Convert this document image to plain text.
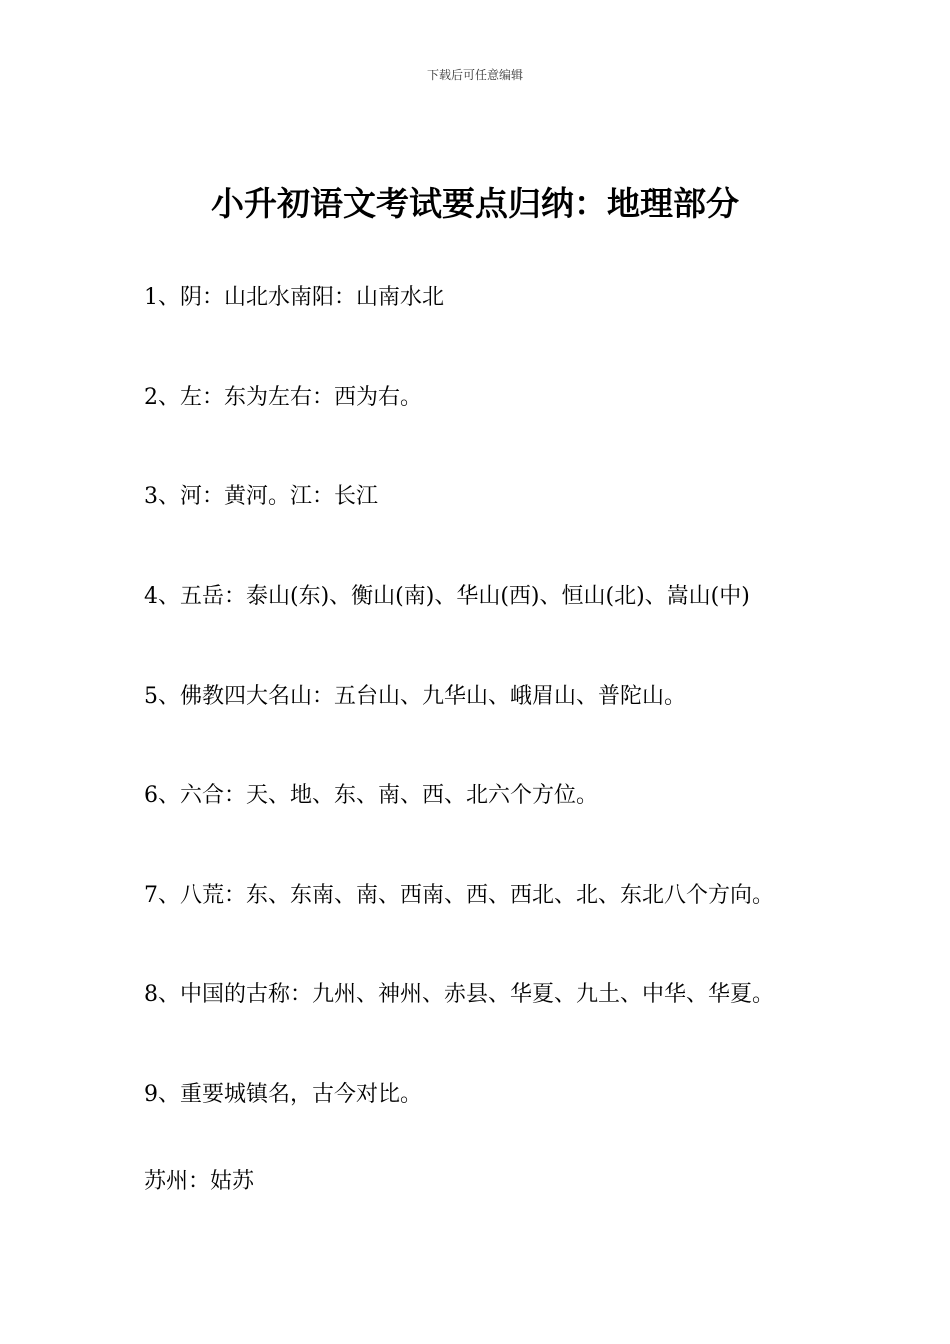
下载后可任意编辑
小升初语文考试要点归纳：地理部分
1、阴：山北水南阳：山南水北
2、左：东为左右：西为右。
3、河：黄河。江：长江
4、五岳：泰山(东)、衡山(南)、华山(西)、恒山(北)、嵩山(中)
5、佛教四大名山：五台山、九华山、峨眉山、普陀山。
6、六合：天、地、东、南、西、北六个方位。
7、八荒：东、东南、南、西南、西、西北、北、东北八个方向。
8、中国的古称：九州、神州、赤县、华夏、九土、中华、华夏。
9、重要城镇名，古今对比。
苏州：姑苏
